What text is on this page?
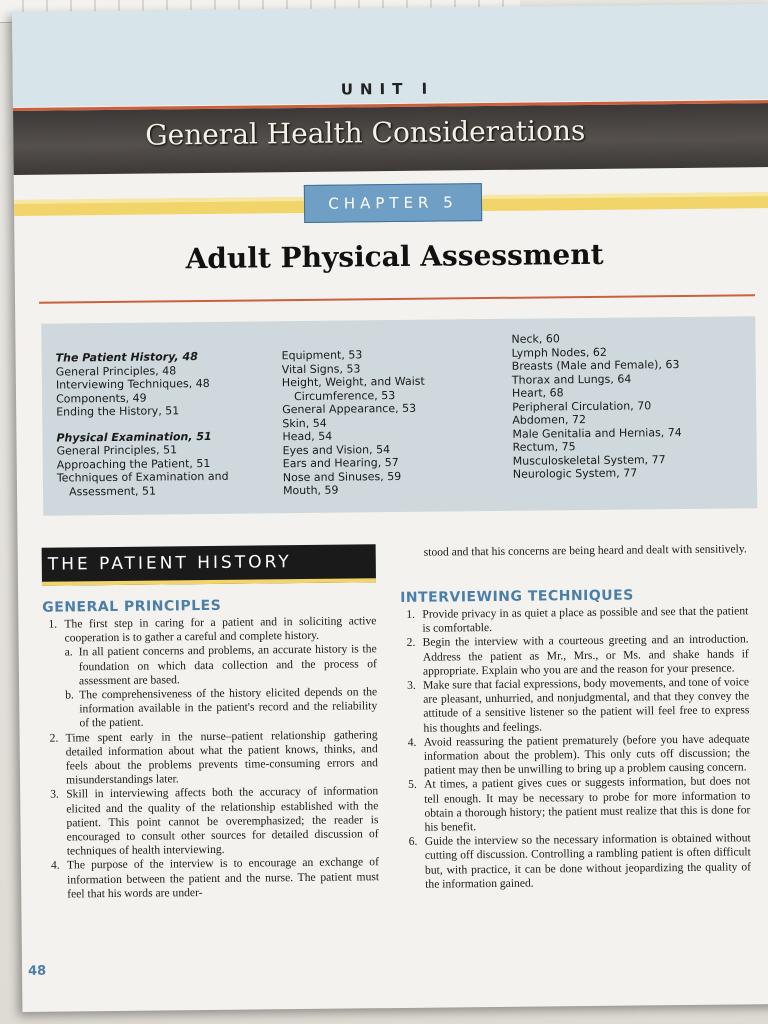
UNIT I
General Health Considerations
CHAPTER 5
Adult Physical Assessment
The Patient History, 48
General Principles, 48
Interviewing Techniques, 48
Components, 49
Ending the History, 51
Physical Examination, 51
General Principles, 51
Approaching the Patient, 51
Techniques of Examination and
Assessment, 51
Equipment, 53
Vital Signs, 53
Height, Weight, and Waist
Circumference, 53
General Appearance, 53
Skin, 54
Head, 54
Eyes and Vision, 54
Ears and Hearing, 57
Nose and Sinuses, 59
Mouth, 59
Neck, 60
Lymph Nodes, 62
Breasts (Male and Female), 63
Thorax and Lungs, 64
Heart, 68
Peripheral Circulation, 70
Abdomen, 72
Male Genitalia and Hernias, 74
Rectum, 75
Musculoskeletal System, 77
Neurologic System, 77
THE PATIENT HISTORY
GENERAL PRINCIPLES

1. The first step in caring for a patient and in soliciting active cooperation is to gather a careful and complete history.

a. In all patient concerns and problems, an accurate history is the foundation on which data collection and the process of assessment are based.

b. The comprehensiveness of the history elicited depends on the information available in the patient's record and the reliability of the patient.

2. Time spent early in the nurse–patient relationship gathering detailed information about what the patient knows, thinks, and feels about the problems prevents time-consuming errors and misunderstandings later.

3. Skill in interviewing affects both the accuracy of information elicited and the quality of the relationship established with the patient. This point cannot be overemphasized; the reader is encouraged to consult other sources for detailed discussion of techniques of health interviewing.

4. The purpose of the interview is to encourage an exchange of information between the patient and the nurse. The patient must feel that his words are under-

stood and that his concerns are being heard and dealt with sensitively.

INTERVIEWING TECHNIQUES

1. Provide privacy in as quiet a place as possible and see that the patient is comfortable.

2. Begin the interview with a courteous greeting and an introduction. Address the patient as Mr., Mrs., or Ms. and shake hands if appropriate. Explain who you are and the reason for your presence.

3. Make sure that facial expressions, body movements, and tone of voice are pleasant, unhurried, and nonjudgmental, and that they convey the attitude of a sensitive listener so the patient will feel free to express his thoughts and feelings.

4. Avoid reassuring the patient prematurely (before you have adequate information about the problem). This only cuts off discussion; the patient may then be unwilling to bring up a problem causing concern.

5. At times, a patient gives cues or suggests information, but does not tell enough. It may be necessary to probe for more information to obtain a thorough history; the patient must realize that this is done for his benefit.

6. Guide the interview so the necessary information is obtained without cutting off discussion. Controlling a rambling patient is often difficult but, with practice, it can be done without jeopardizing the quality of the information gained.

48
